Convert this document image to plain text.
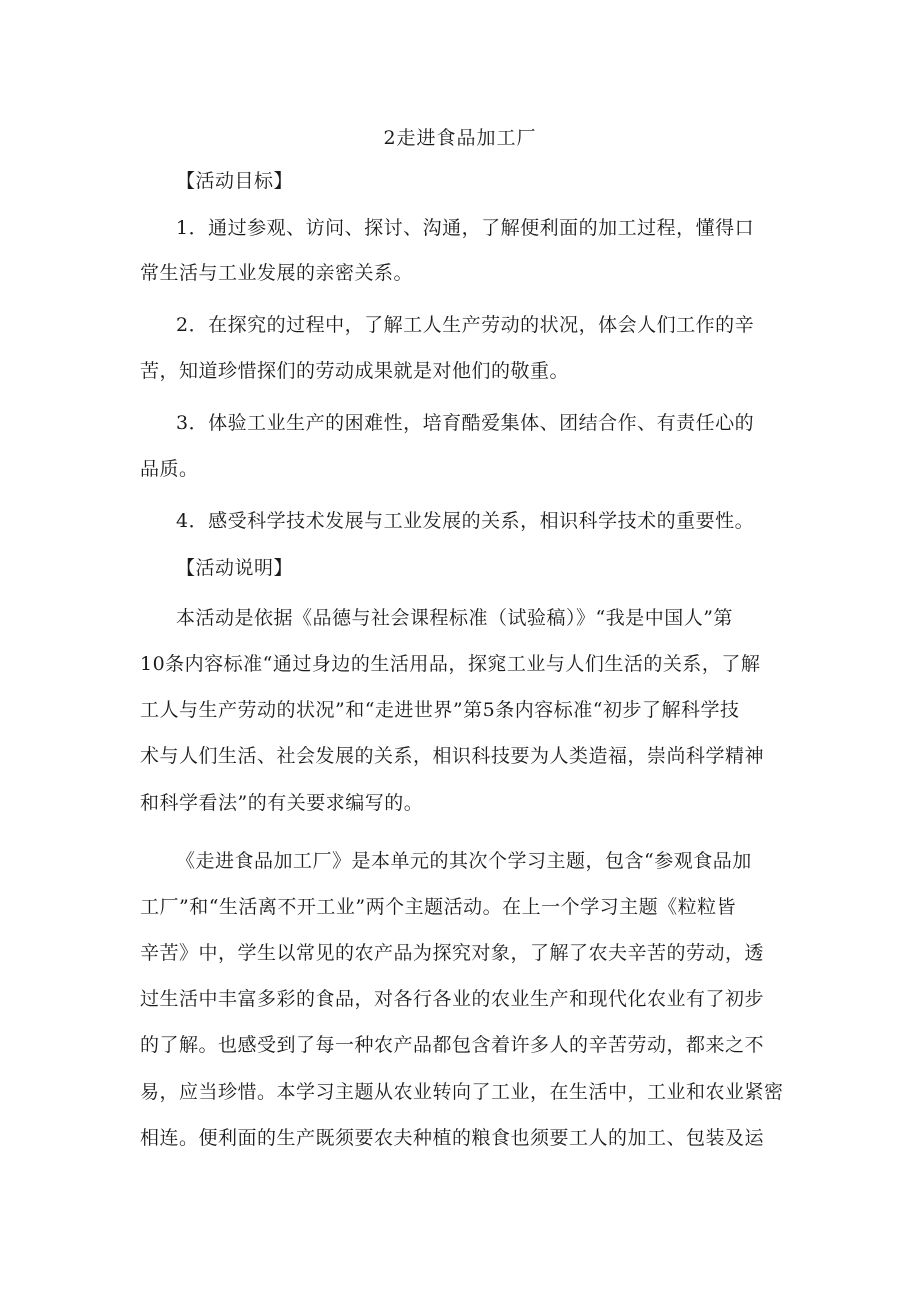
2走进食品加工厂
【活动目标】
1．通过参观、访问、探讨、沟通，了解便利面的加工过程，懂得口
常生活与工业发展的亲密关系。
2．在探究的过程中，了解工人生产劳动的状况，体会人们工作的辛
苦，知道珍惜探们的劳动成果就是对他们的敬重。
3．体验工业生产的困难性，培育酷爱集体、团结合作、有责任心的
品质。
4．感受科学技术发展与工业发展的关系，相识科学技术的重要性。
【活动说明】
本活动是依据《品德与社会课程标准（试验稿）》“我是中国人”第
10条内容标准“通过身边的生活用品，探窕工业与人们生活的关系，了解
工人与生产劳动的状况”和“走进世界”第5条内容标准“初步了解科学技
术与人们生活、社会发展的关系，相识科技要为人类造福，崇尚科学精神
和科学看法”的有关要求编写的。
《走进食品加工厂》是本单元的其次个学习主题，包含“参观食品加
工厂”和“生活离不开工业”两个主题活动。在上一个学习主题《粒粒皆
辛苦》中，学生以常见的农产品为探究对象，了解了农夫辛苦的劳动，透
过生活中丰富多彩的食品，对各行各业的农业生产和现代化农业有了初步
的了解。也感受到了每一种农产品都包含着许多人的辛苦劳动，都来之不
易，应当珍惜。本学习主题从农业转向了工业，在生活中，工业和农业紧密
相连。便利面的生产既须要农夫种植的粮食也须要工人的加工、包装及运
